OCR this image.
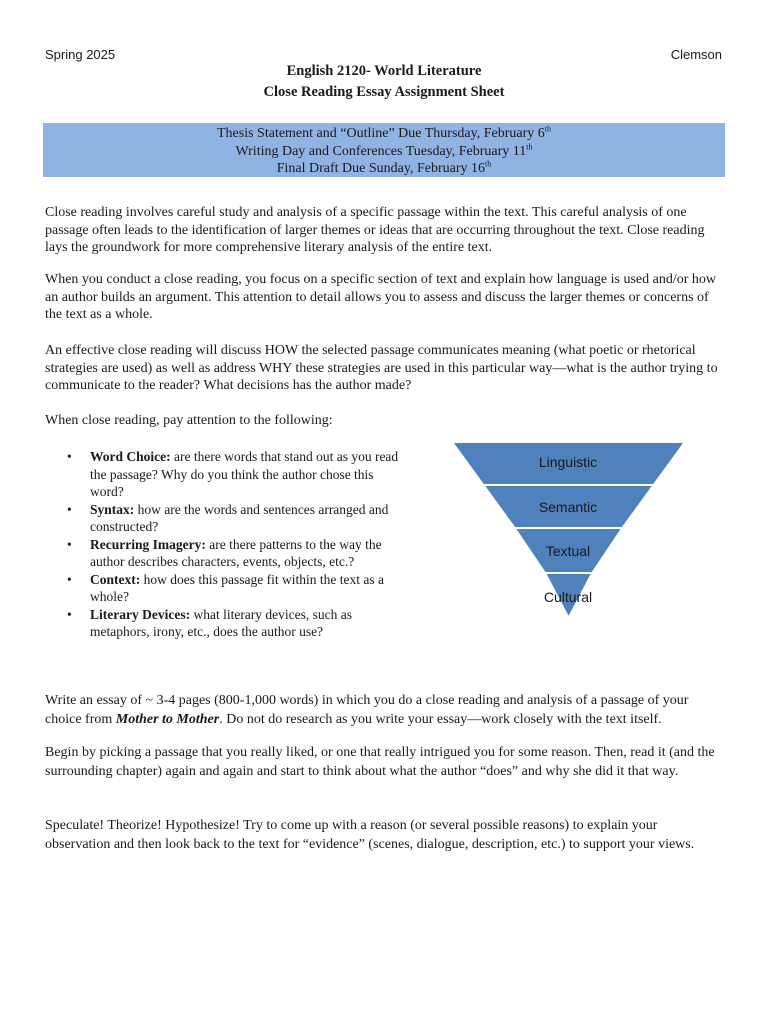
Spring 2025	Clemson
English 2120- World Literature
Close Reading Essay Assignment Sheet
Thesis Statement and “Outline” Due Thursday, February 6th
Writing Day and Conferences Tuesday, February 11th
Final Draft Due Sunday, February 16th

Close reading involves careful study and analysis of a specific passage within the text. This careful analysis of one passage often leads to the identification of larger themes or ideas that are occurring throughout the text. Close reading lays the groundwork for more comprehensive literary analysis of the entire text.

When you conduct a close reading, you focus on a specific section of text and explain how language is used and/or how an author builds an argument. This attention to detail allows you to assess and discuss the larger themes or concerns of the text as a whole.

An effective close reading will discuss HOW the selected passage communicates meaning (what poetic or rhetorical strategies are used) as well as address WHY these strategies are used in this particular way—what is the author trying to communicate to the reader? What decisions has the author made?

When close reading, pay attention to the following:

• Word Choice: are there words that stand out as you read the passage? Why do you think the author chose this word?
• Syntax: how are the words and sentences arranged and constructed?
• Recurring Imagery: are there patterns to the way the author describes characters, events, objects, etc.?
• Context: how does this passage fit within the text as a whole?
• Literary Devices: what literary devices, such as metaphors, irony, etc., does the author use?
Linguistic
Semantic
Textual
Cultural

Write an essay of ~ 3-4 pages (800-1,000 words) in which you do a close reading and analysis of a passage of your choice from Mother to Mother. Do not do research as you write your essay—work closely with the text itself.

Begin by picking a passage that you really liked, or one that really intrigued you for some reason. Then, read it (and the surrounding chapter) again and again and start to think about what the author “does” and why she did it that way.

Speculate! Theorize! Hypothesize! Try to come up with a reason (or several possible reasons) to explain your observation and then look back to the text for “evidence” (scenes, dialogue, description, etc.) to support your views.
